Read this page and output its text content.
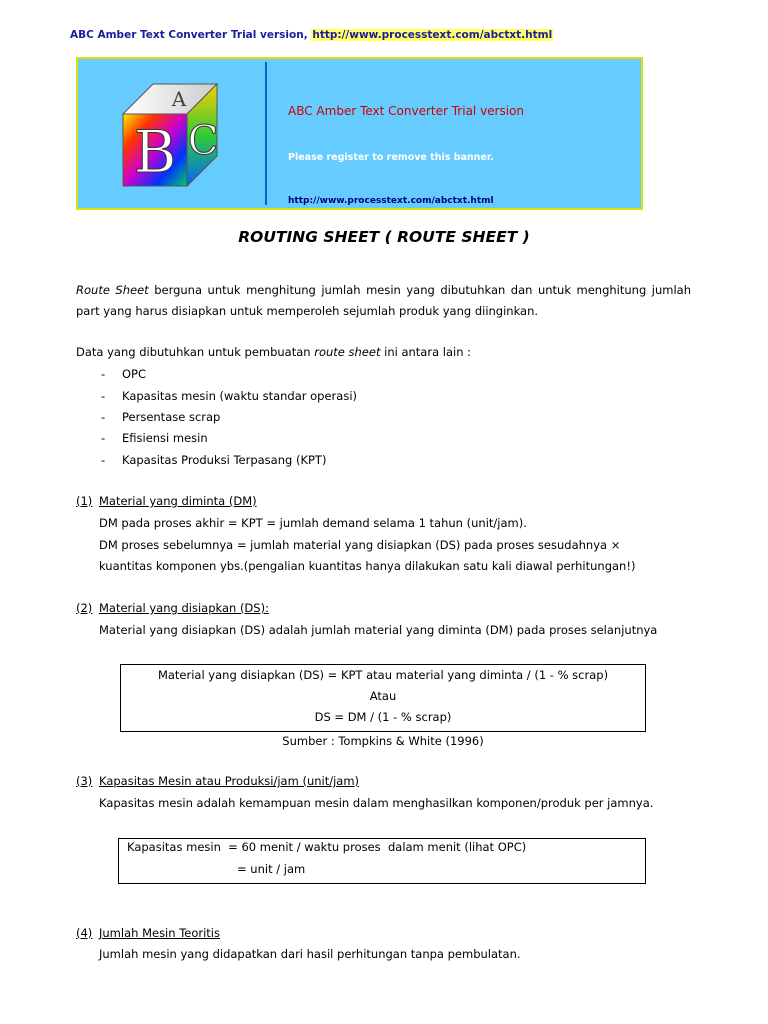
ABC Amber Text Converter Trial version, http://www.processtext.com/abctxt.html
B C
A	ABC Amber Text Converter Trial version
Please register to remove this banner.
http://www.processtext.com/abctxt.html
ROUTING SHEET ( ROUTE SHEET )
Route Sheet berguna untuk menghitung jumlah mesin yang dibutuhkan dan untuk menghitung jumlah part yang harus disiapkan untuk memperoleh sejumlah produk yang diinginkan.
Data yang dibutuhkan untuk pembuatan route sheet ini antara lain :
- OPC
- Kapasitas mesin (waktu standar operasi)
- Persentase scrap
- Efisiensi mesin
- Kapasitas Produksi Terpasang (KPT)
(1) Material yang diminta (DM)
DM pada proses akhir = KPT = jumlah demand selama 1 tahun (unit/jam).
DM proses sebelumnya = jumlah material yang disiapkan (DS) pada proses sesudahnya ×
kuantitas komponen ybs.(pengalian kuantitas hanya dilakukan satu kali diawal perhitungan!)
(2) Material yang disiapkan (DS):
Material yang disiapkan (DS) adalah jumlah material yang diminta (DM) pada proses selanjutnya
Material yang disiapkan (DS) = KPT atau material yang diminta / (1 - % scrap)
Atau
DS = DM / (1 - % scrap)
Sumber : Tompkins & White (1996)
(3) Kapasitas Mesin atau Produksi/jam (unit/jam)
Kapasitas mesin adalah kemampuan mesin dalam menghasilkan komponen/produk per jamnya.
Kapasitas mesin  = 60 menit / waktu proses  dalam menit (lihat OPC)
= unit / jam
(4) Jumlah Mesin Teoritis
Jumlah mesin yang didapatkan dari hasil perhitungan tanpa pembulatan.
